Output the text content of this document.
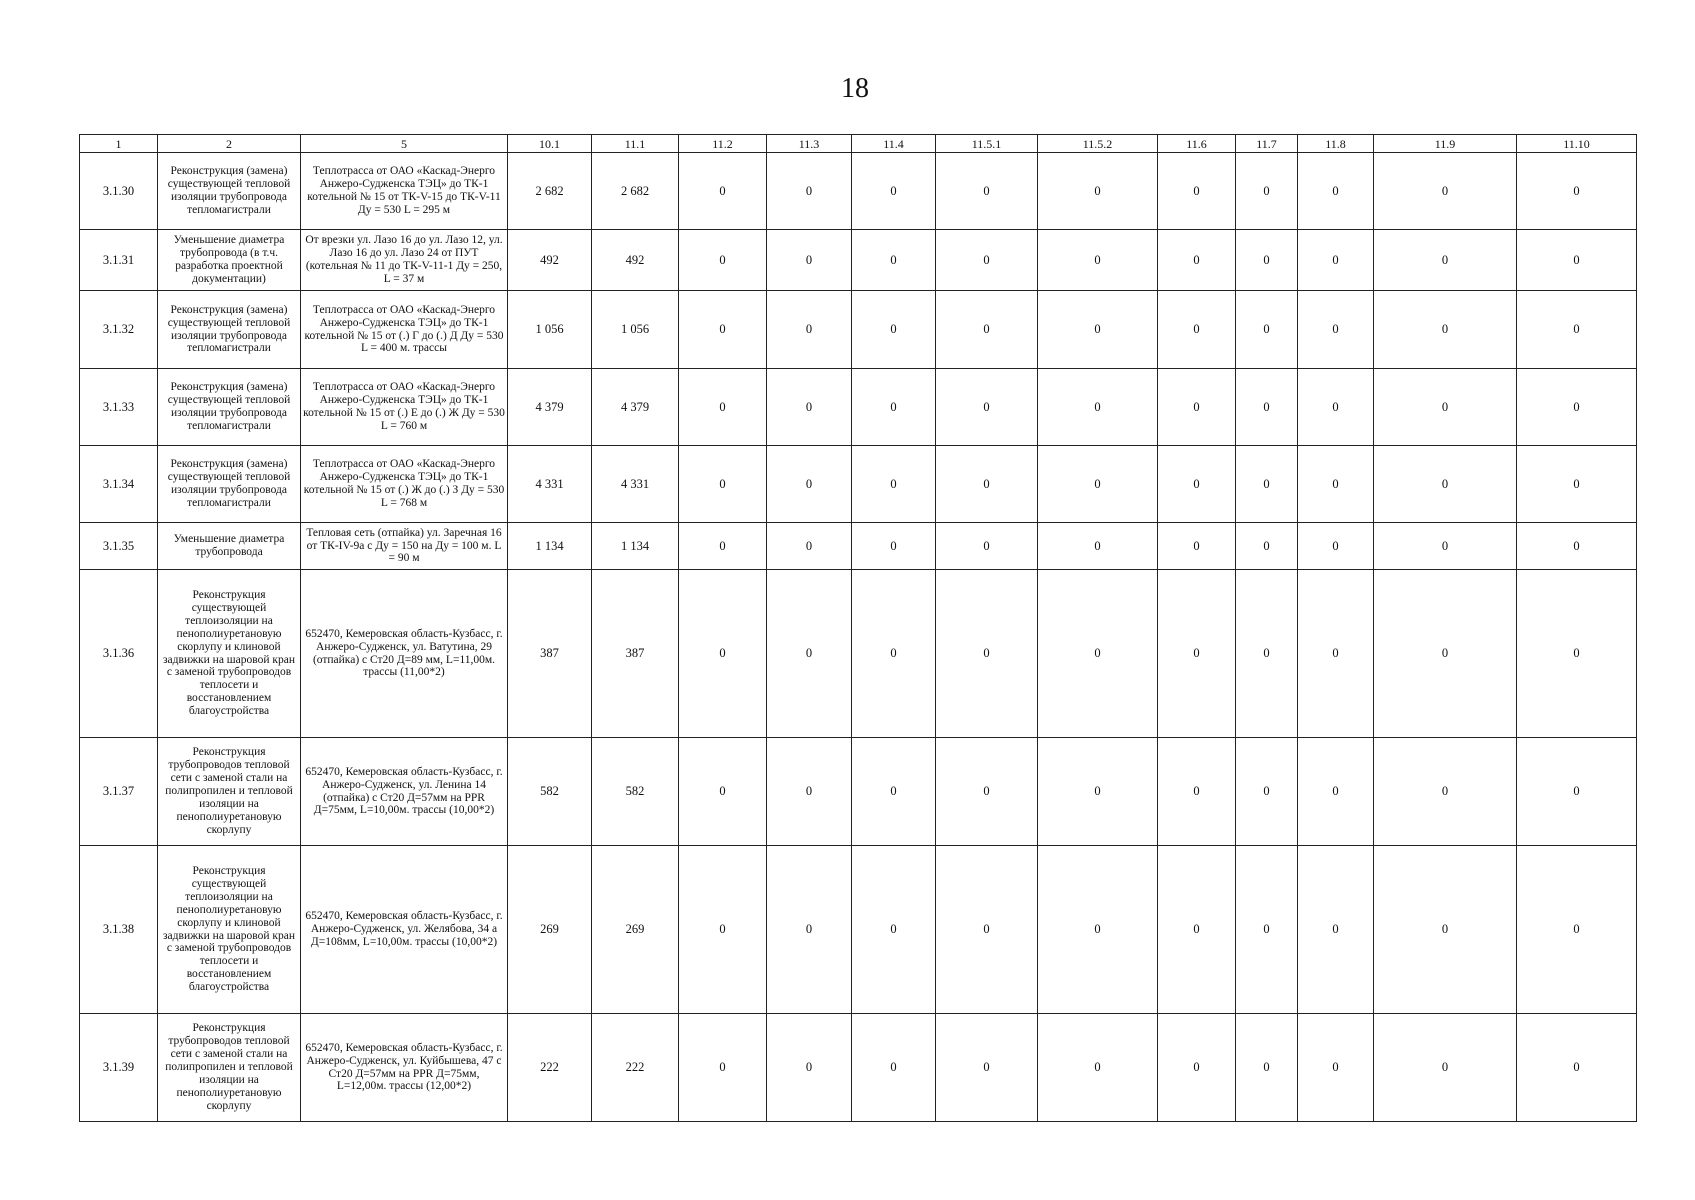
18
1	2	5	10.1	11.1	11.2	11.3	11.4	11.5.1	11.5.2	11.6	11.7	11.8	11.9	11.10
3.1.30	Реконструкция (замена) существующей тепловой изоляции трубопровода тепломагистрали	Теплотрасса от ОАО «Каскад-Энерго Анжеро-Судженска ТЭЦ» до ТК-1 котельной № 15 от ТК-V-15 до ТК-V-11 Ду = 530 L = 295 м	2 682	2 682	0	0	0	0	0	0	0	0	0	0
3.1.31	Уменьшение диаметра трубопровода (в т.ч. разработка проектной документации)	От врезки ул. Лазо 16 до ул. Лазо 12, ул. Лазо 16 до ул. Лазо 24 от ПУТ (котельная № 11 до ТК-V-11-1 Ду = 250, L = 37 м	492	492	0	0	0	0	0	0	0	0	0	0
3.1.32	Реконструкция (замена) существующей тепловой изоляции трубопровода тепломагистрали	Теплотрасса от ОАО «Каскад-Энерго Анжеро-Судженска ТЭЦ» до ТК-1 котельной № 15 от (.) Г до (.) Д Ду = 530 L = 400 м. трассы	1 056	1 056	0	0	0	0	0	0	0	0	0	0
3.1.33	Реконструкция (замена) существующей тепловой изоляции трубопровода тепломагистрали	Теплотрасса от ОАО «Каскад-Энерго Анжеро-Судженска ТЭЦ» до ТК-1 котельной № 15 от (.) Е до (.) Ж Ду = 530 L = 760 м	4 379	4 379	0	0	0	0	0	0	0	0	0	0
3.1.34	Реконструкция (замена) существующей тепловой изоляции трубопровода тепломагистрали	Теплотрасса от ОАО «Каскад-Энерго Анжеро-Судженска ТЭЦ» до ТК-1 котельной № 15 от (.) Ж до (.) З Ду = 530 L = 768 м	4 331	4 331	0	0	0	0	0	0	0	0	0	0
3.1.35	Уменьшение диаметра трубопровода	Тепловая сеть (отпайка) ул. Заречная 16 от ТК-IV-9а с Ду = 150 на Ду = 100 м. L = 90 м	1 134	1 134	0	0	0	0	0	0	0	0	0	0
3.1.36	Реконструкция существующей теплоизоляции на пенополиуретановую скорлупу и клиновой задвижки на шаровой кран с заменой трубопроводов теплосети и восстановлением благоустройства	652470, Кемеровская область-Кузбасс, г. Анжеро-Судженск, ул. Ватутина, 29 (отпайка) с Ст20 Д=89 мм, L=11,00м. трассы (11,00*2)	387	387	0	0	0	0	0	0	0	0	0	0
3.1.37	Реконструкция трубопроводов тепловой сети с заменой стали на полипропилен и тепловой изоляции на пенополиуретановую скорлупу	652470, Кемеровская область-Кузбасс, г. Анжеро-Судженск, ул. Ленина 14 (отпайка) с Ст20 Д=57мм на PPR Д=75мм, L=10,00м. трассы (10,00*2)	582	582	0	0	0	0	0	0	0	0	0	0
3.1.38	Реконструкция существующей теплоизоляции на пенополиуретановую скорлупу и клиновой задвижки на шаровой кран с заменой трубопроводов теплосети и восстановлением благоустройства	652470, Кемеровская область-Кузбасс, г. Анжеро-Судженск, ул. Желябова, 34 а Д=108мм, L=10,00м. трассы (10,00*2)	269	269	0	0	0	0	0	0	0	0	0	0
3.1.39	Реконструкция трубопроводов тепловой сети с заменой стали на полипропилен и тепловой изоляции на пенополиуретановую скорлупу	652470, Кемеровская область-Кузбасс, г. Анжеро-Судженск, ул. Куйбышева, 47 с Ст20 Д=57мм на PPR Д=75мм, L=12,00м. трассы (12,00*2)	222	222	0	0	0	0	0	0	0	0	0	0
